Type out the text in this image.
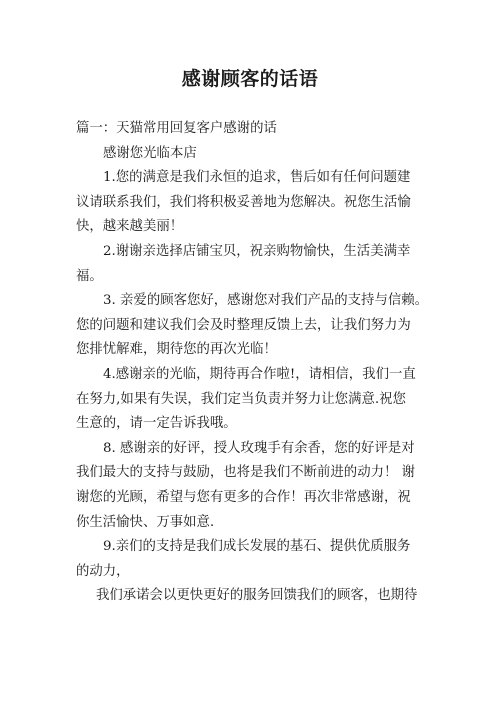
感谢顾客的话语
篇一：天猫常用回复客户感谢的话
感谢您光临本店
1.您的满意是我们永恒的追求，售后如有任何问题建
议请联系我们，我们将积极妥善地为您解决。祝您生活愉
快，越来越美丽！
2.谢谢亲选择店铺宝贝，祝亲购物愉快，生活美满幸
福。
3. 亲爱的顾客您好，感谢您对我们产品的支持与信赖。
您的问题和建议我们会及时整理反馈上去，让我们努力为
您排忧解难，期待您的再次光临！
4.感谢亲的光临，期待再合作啦!，请相信，我们一直
在努力,如果有失误，我们定当负责并努力让您满意.祝您
生意的，请一定告诉我哦。
8. 感谢亲的好评，授人玫瑰手有余香，您的好评是对
我们最大的支持与鼓励，也将是我们不断前进的动力！ 谢
谢您的光顾，希望与您有更多的合作！再次非常感谢，祝
你生活愉快、万事如意.
9.亲们的支持是我们成长发展的基石、提供优质服务
的动力，
我们承诺会以更快更好的服务回馈我们的顾客，也期待
